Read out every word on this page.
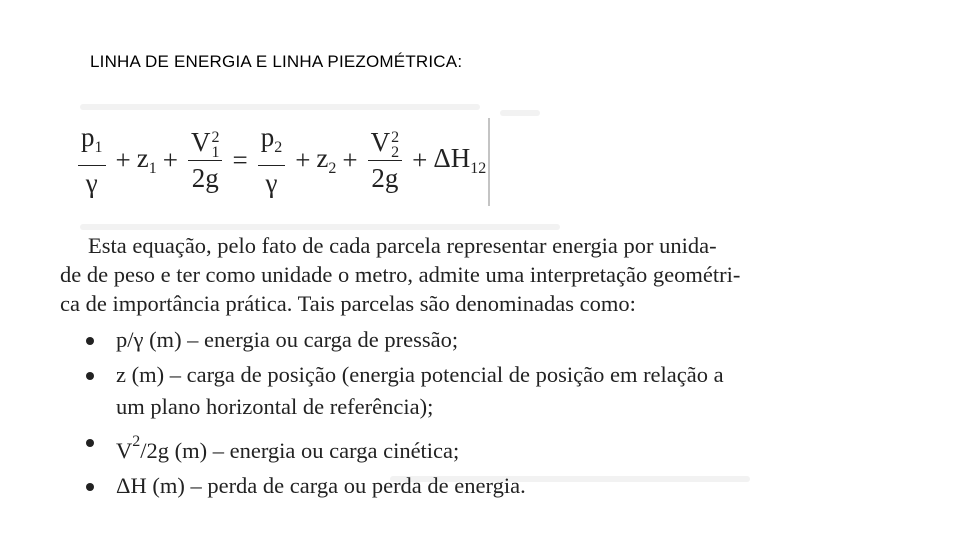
LINHA DE ENERGIA E LINHA PIEZOMÉTRICA:
$\frac{p_1}{\gamma} + z_1 + V$ 2
1
$2g = \frac{p_2}{\gamma} + z_2 + V$ 2
2
$2g + \Delta H_{12}$
Esta equação, pelo fato de cada parcela representar energia por unida-
de de peso e ter como unidade o metro, admite uma interpretação geométri-
ca de importância prática. Tais parcelas são denominadas como:
p/γ (m) – energia ou carga de pressão;
z (m) – carga de posição (energia potencial de posição em relação a
um plano horizontal de referência);
$V^2/2g$ (m) – energia ou carga cinética;
ΔH (m) – perda de carga ou perda de energia.
